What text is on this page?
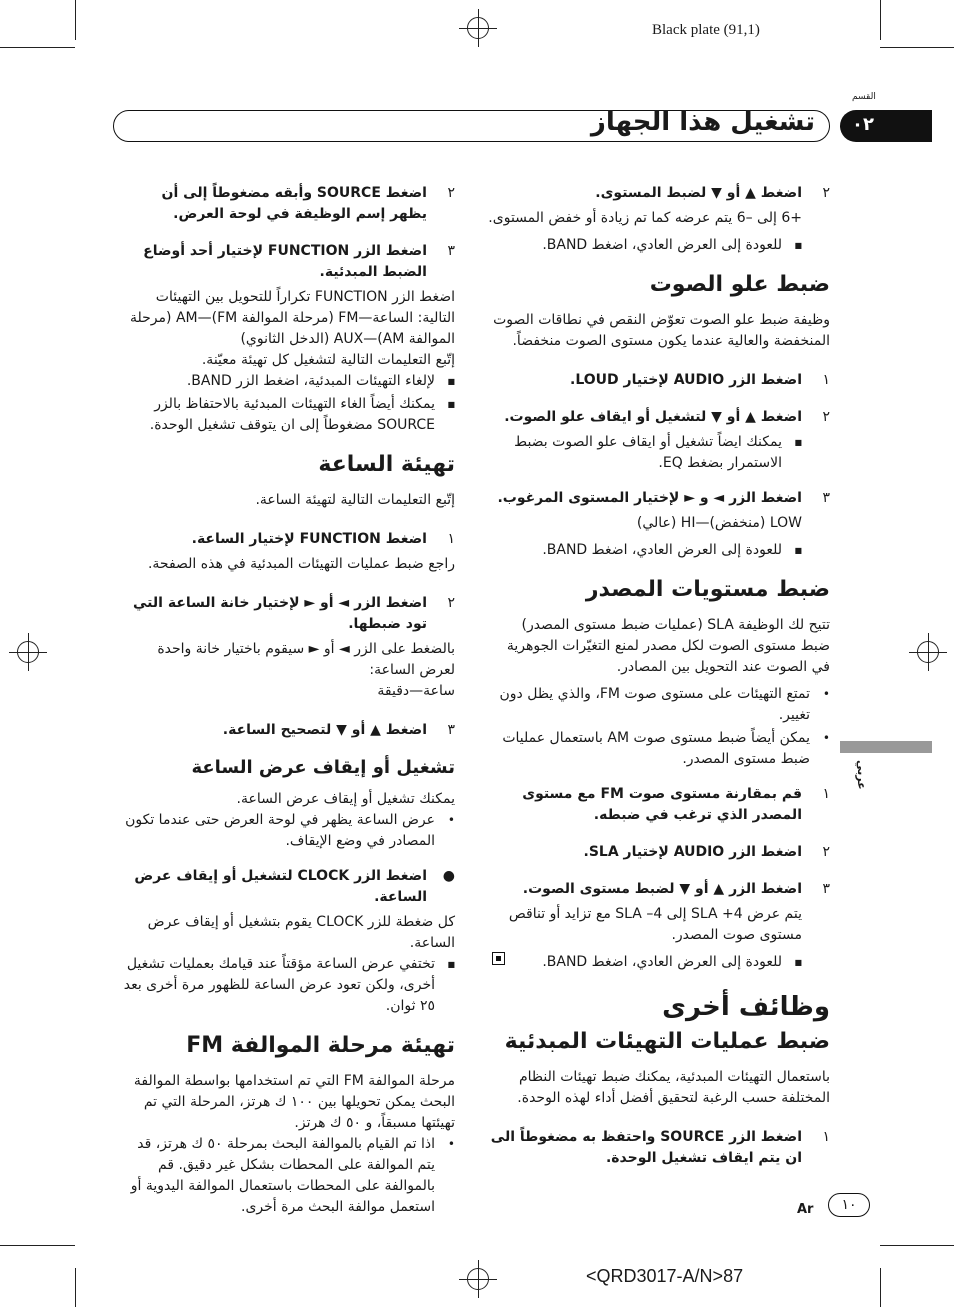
Black plate (91,1)
القسم
تشغيل هذا الجهاز ٠٢
عربي
٢
اضغط ▲ أو ▼ لضبط المستوى.

+6 إلى –6 يتم عرضه كما تم زيادة أو خفض المستوى.

■
للعودة إلى العرض العادي، اضغط BAND.
ضبط علو الصوت

وظيفة ضبط علو الصوت تعوّض النقص في نطاقات الصوت المنخفضة والعالية عندما يكون مستوى الصوت منخفضاً.

١
اضغط الزر AUDIO لإختيار LOUD.
٢
اضغط ▲ أو ▼ لتشغيل أو ايقاف علو الصوت.
■
يمكنك ايضاً تشغيل أو ايقاف علو الصوت بضبط الاستمرار بضغط EQ.
٣
اضغط الزر ◄ و ► لإختيار المستوى المرغوب.

LOW (منخفض)—HI (عالي)

■
للعودة إلى العرض العادي، اضغط BAND.
ضبط مستويات المصدر

تتيح لك الوظيفة SLA (عمليات ضبط مستوى المصدر) ضبط مستوى الصوت لكل مصدر لمنع التغيّرات الجوهرية في الصوت عند التحويل بين المصادر.

•
تمتع التهيئات على مستوى صوت FM، والذي يظل دون تغيير.
•
يمكن أيضاً ضبط مستوى صوت AM باستعمال عمليات ضبط مستوى المصدر.
١
قم بمقارنة مستوى صوت FM مع مستوى المصدر الذي ترغب في ضبطه.
٢
اضغط الزر AUDIO لإختيار SLA.
٣
اضغط الزر ▲ أو ▼ لضبط مستوى الصوت.

يتم عرض SLA +4 إلى SLA –4 مع تزايد أو تناقص مستوى صوت المصدر.

■
للعودة إلى العرض العادي، اضغط BAND.
وظائف أخرى
ضبط عمليات التهيئات المبدئية

باستعمال التهيئات المبدئية، يمكنك ضبط تهيئات النظام المختلفة حسب الرغبة لتحقيق أفضل أداء لهذه الوحدة.

١
اضغط الزر SOURCE واحتفظ به مضغوطاً الى ان يتم ايقاف تشغيل الوحدة.
٢
اضغط SOURCE وأبقه مضغوطاً إلى أن يظهر إسم الوظيفة في لوحة العرض.
٣
اضغط الزر FUNCTION لإختيار أحد أوضاع الضبط المبدئية.

اضغط الزر FUNCTION تكراراً للتحويل بين التهيئات التالية: الساعة—FM (مرحلة الموالفة FM)—AM (مرحلة الموالفة AM)—AUX (الدخل الثانوي)

إتّبع التعليمات التالية لتشغيل كل تهيئة معيّنة.

■
لإلغاء التهيئات المبدئية، اضغط الزر BAND.
■
يمكنك أيضاً الغاء التهيئات المبدئية بالاحتفاظ بالزر SOURCE مضغوطاً إلى ان يتوقف تشغيل الوحدة.
تهيئة الساعة

إتّبع التعليمات التالية لتهيئة الساعة.

١
اضغط FUNCTION لإختيار الساعة.

راجع ضبط عمليات التهيئات المبدئية في هذه الصفحة.

٢
اضغط الزر ◄ أو ► لإختيار خانة الساعة التي تود ضبطها.

بالضغط على الزر ◄ أو ► سيقوم باختيار خانة واحدة لعرض الساعة:

ساعة—دقيقة

٣
اضغط ▲ أو ▼ لتصحيح الساعة.
تشغيل أو إيقاف عرض الساعة

يمكنك تشغيل أو إيقاف عرض الساعة.

•
عرض الساعة يظهر في لوحة العرض حتى عندما تكون المصادر في وضع الإيقاف.
●
اضغط الزر CLOCK لتشغيل أو إيقاف عرض الساعة.

كل ضغطة للزر CLOCK يقوم بتشغيل أو إيقاف عرض الساعة.

■
تختفي عرض الساعة مؤقتاً عند قيامك بعمليات تشغيل أخرى، ولكن تعود عرض الساعة للظهور مرة أخرى بعد ٢٥ ثوان.
تهيئة مرحلة الموالفة FM

مرحلة الموالفة FM التي تم استخدامها بواسطة الموالفة البحث يمكن تحويلها بين ١٠٠ ك هرتز، المرحلة التي تم تهيئتها مسبقاً، و ٥٠ ك هرتز.

•
اذا تم القيام بالموالفة البحث بمرحلة ٥٠ ك هرتز، قد يتم الموالفة على المحطات بشكل غير دقيق. قم بالموالفة على المحطات باستعمال الموالفة اليدوية أو استعمل موالفة البحث مرة أخرى.	Ar	١٠
<QRD3017-A/N>87
